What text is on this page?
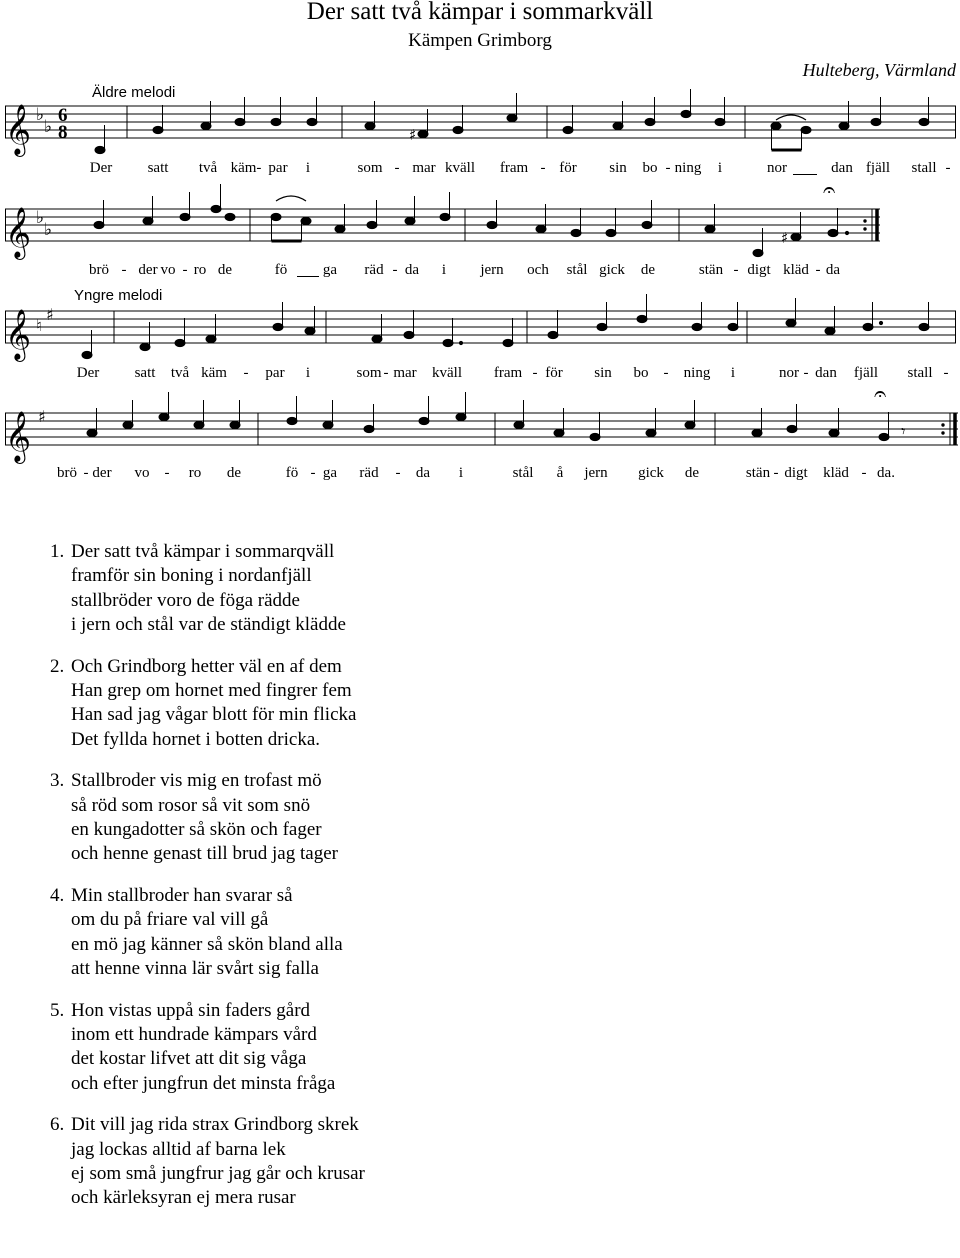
Der satt två kämpar i sommarkväll
Kämpen Grimborg
Hulteberg, Värmland
Äldre melodi
Yngre melodi
𝄞 ♭
♭
6
8	♯
Der satt två käm- par i	som - mar kväll fram - för sin bo - ning i	nor	dan fjäll stall -
𝄞 ♭
♭	♯
𝄐
brö - der vo - ro de	fö ga räd - da i jern och stål gick de	stän - digt kläd - da
𝄞 ♮
♯
Der satt två käm - par i	som - mar kväll fram - för sin bo - ning i	nor - dan fjäll stall -
𝄞 ♯
𝄐
𝄾
brö - der vo - ro de	fö - ga räd - da i	stål å jern gick de	stän - digt kläd - da.
1. Der satt två kämpar i sommarqväll
framför sin boning i nordanfjäll
stallbröder voro de föga rädde
i jern och stål var de ständigt klädde
2. Och Grindborg hetter väl en af dem
Han grep om hornet med fingrer fem
Han sad jag vågar blott för min flicka
Det fyllda hornet i botten dricka.
3. Stallbroder vis mig en trofast mö
så röd som rosor så vit som snö
en kungadotter så skön och fager
och henne genast till brud jag tager
4. Min stallbroder han svarar så
om du på friare val vill gå
en mö jag känner så skön bland alla
att henne vinna lär svårt sig falla
5. Hon vistas uppå sin faders gård
inom ett hundrade kämpars vård
det kostar lifvet att dit sig våga
och efter jungfrun det minsta fråga
6. Dit vill jag rida strax Grindborg skrek
jag lockas alltid af barna lek
ej som små jungfrur jag går och krusar
och kärleksyran ej mera rusar
